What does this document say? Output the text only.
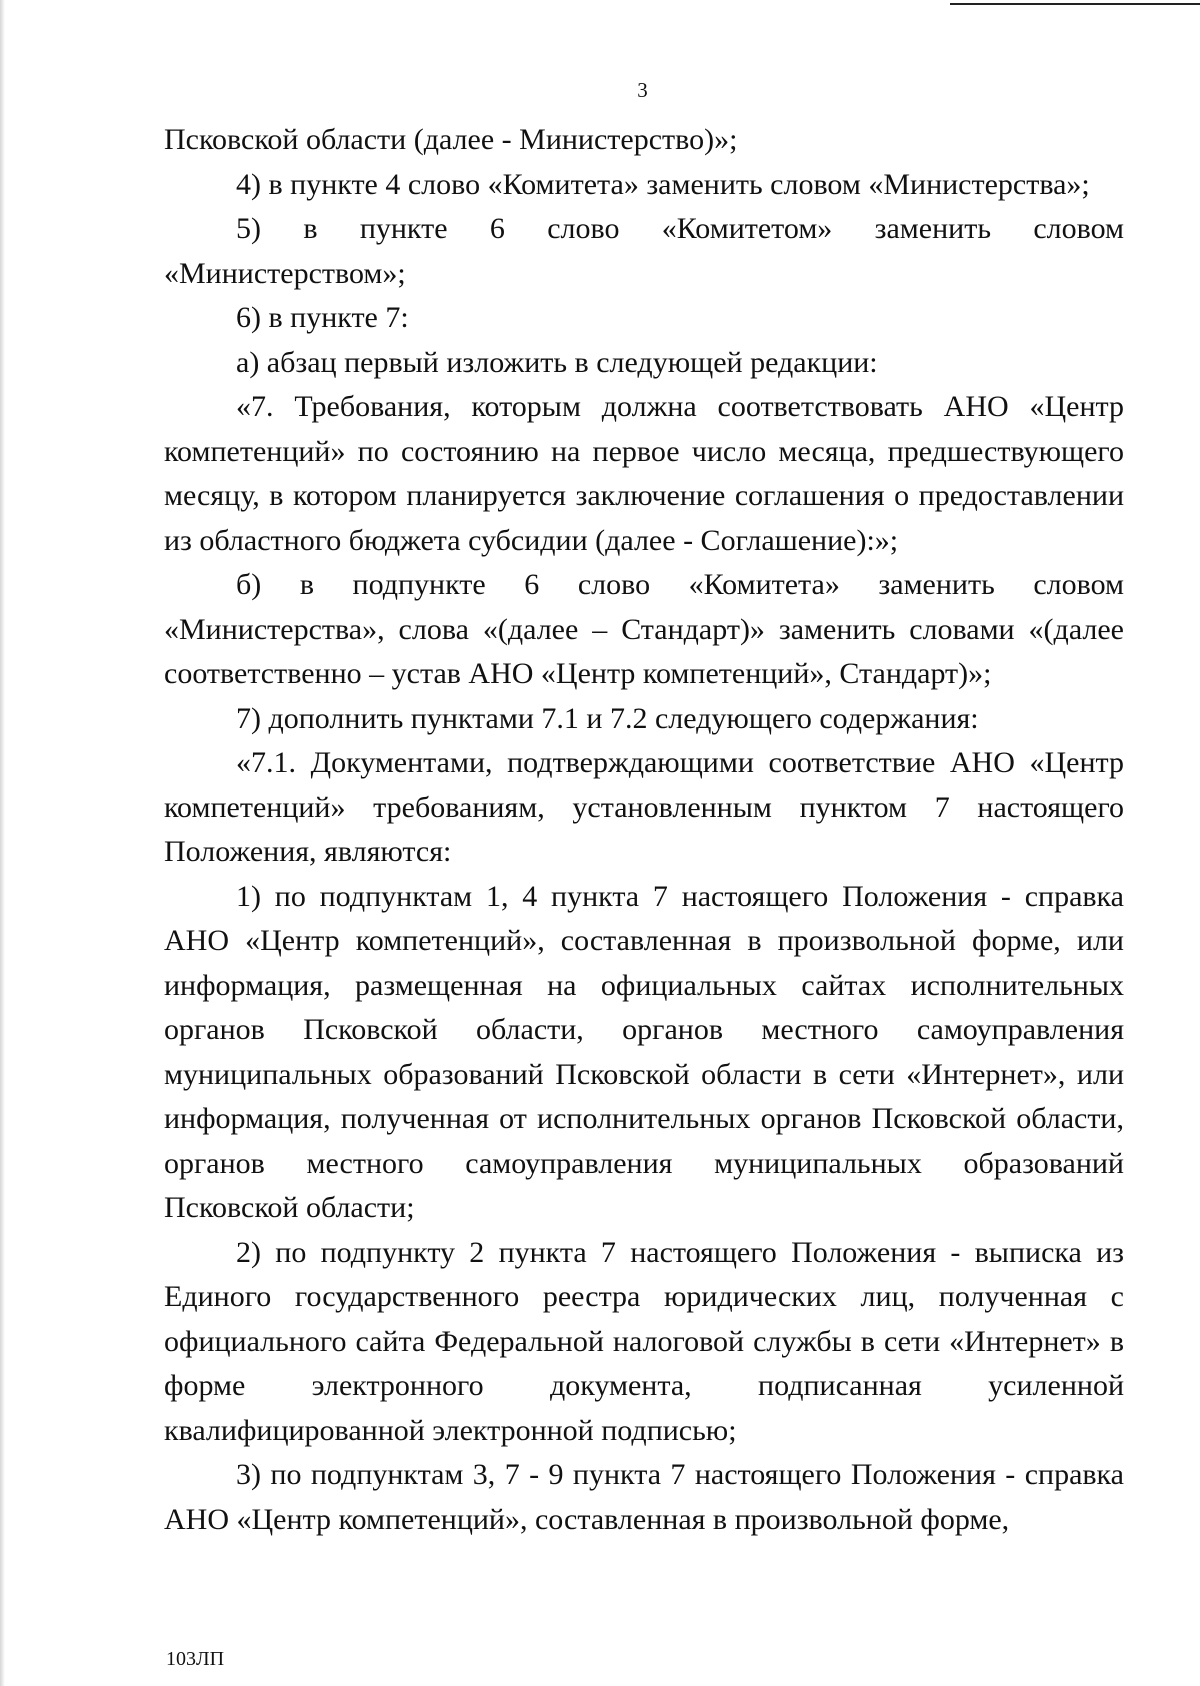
3

Псковской области (далее - Министерство)»;

4) в пункте 4 слово «Комитета» заменить словом «Министерства»;

5) в пункте 6 слово «Комитетом» заменить словом «Министерством»;

6) в пункте 7:

а) абзац первый изложить в следующей редакции:

«7. Требования, которым должна соответствовать АНО «Центр компетенций» по состоянию на первое число месяца, предшествующего месяцу, в котором планируется заключение соглашения о предоставлении из областного бюджета субсидии (далее - Соглашение):»;

б) в подпункте 6 слово «Комитета» заменить словом «Министерства», слова «(далее – Стандарт)» заменить словами «(далее соответственно – устав АНО «Центр компетенций», Стандарт)»;

7) дополнить пунктами 7.1 и 7.2 следующего содержания:

«7.1. Документами, подтверждающими соответствие АНО «Центр компетенций» требованиям, установленным пунктом 7 настоящего Положения, являются:

1) по подпунктам 1, 4 пункта 7 настоящего Положения - справка АНО «Центр компетенций», составленная в произвольной форме, или информация, размещенная на официальных сайтах исполнительных органов Псковской области, органов местного самоуправления муниципальных образований Псковской области в сети «Интернет», или информация, полученная от исполнительных органов Псковской области, органов местного самоуправления муниципальных образований Псковской области;

2) по подпункту 2 пункта 7 настоящего Положения - выписка из Единого государственного реестра юридических лиц, полученная с официального сайта Федеральной налоговой службы в сети «Интернет» в форме электронного документа, подписанная усиленной квалифицированной электронной подписью;

3) по подпунктам 3, 7 - 9 пункта 7 настоящего Положения - справка АНО «Центр компетенций», составленная в произвольной форме,

103ЛП
